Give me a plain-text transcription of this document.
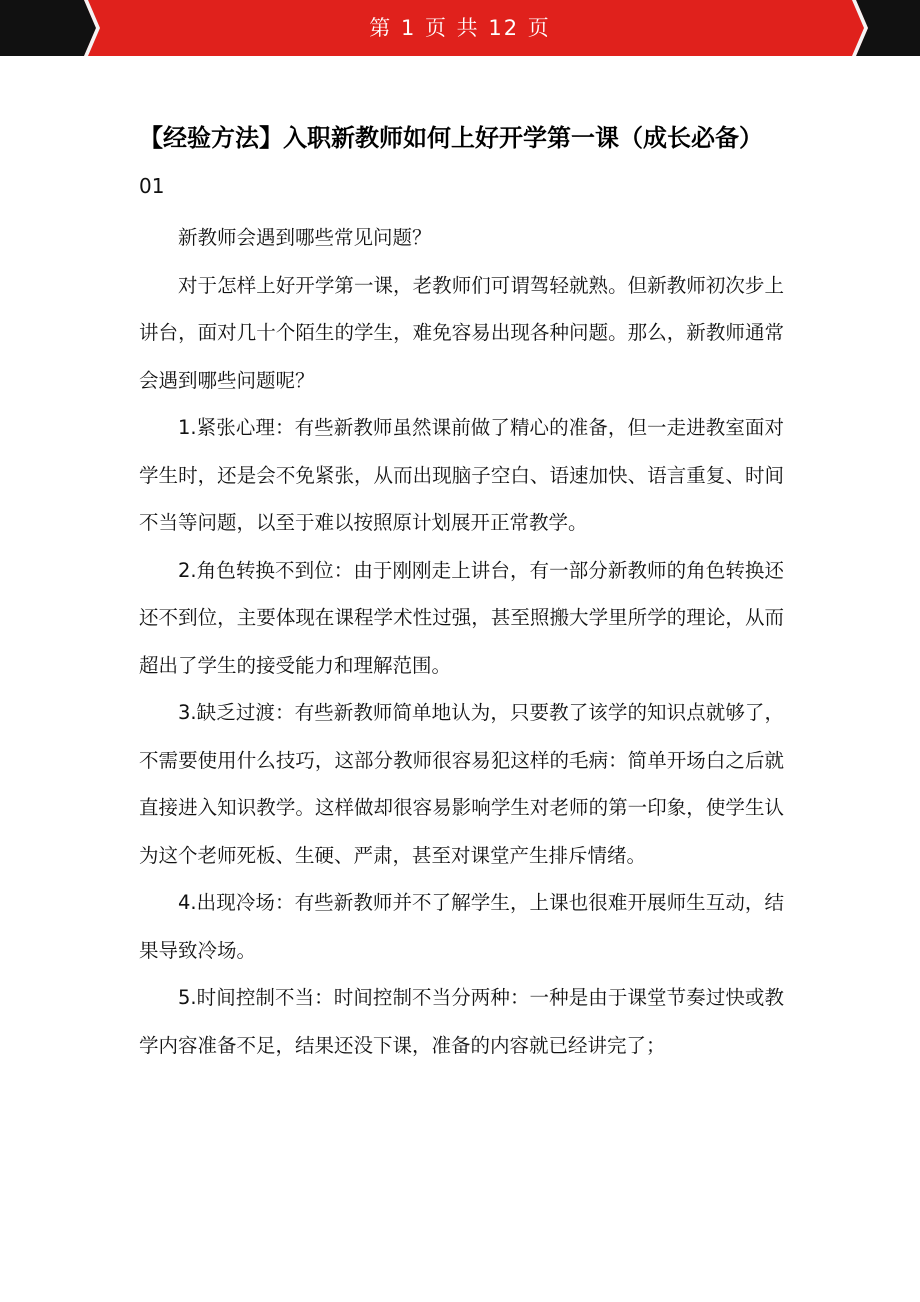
第 1 页 共 12 页
【经验方法】入职新教师如何上好开学第一课（成长必备）
01

新教师会遇到哪些常见问题？

对于怎样上好开学第一课，老教师们可谓驾轻就熟。但新教师初次步上讲台，面对几十个陌生的学生，难免容易出现各种问题。那么，新教师通常会遇到哪些问题呢？

1.紧张心理：有些新教师虽然课前做了精心的准备，但一走进教室面对学生时，还是会不免紧张，从而出现脑子空白、语速加快、语言重复、时间不当等问题，以至于难以按照原计划展开正常教学。

2.角色转换不到位：由于刚刚走上讲台，有一部分新教师的角色转换还还不到位，主要体现在课程学术性过强，甚至照搬大学里所学的理论，从而超出了学生的接受能力和理解范围。

3.缺乏过渡：有些新教师简单地认为，只要教了该学的知识点就够了，不需要使用什么技巧，这部分教师很容易犯这样的毛病：简单开场白之后就直接进入知识教学。这样做却很容易影响学生对老师的第一印象，使学生认为这个老师死板、生硬、严肃，甚至对课堂产生排斥情绪。

4.出现冷场：有些新教师并不了解学生，上课也很难开展师生互动，结果导致冷场。

5.时间控制不当：时间控制不当分两种：一种是由于课堂节奏过快或教学内容准备不足，结果还没下课，准备的内容就已经讲完了；
